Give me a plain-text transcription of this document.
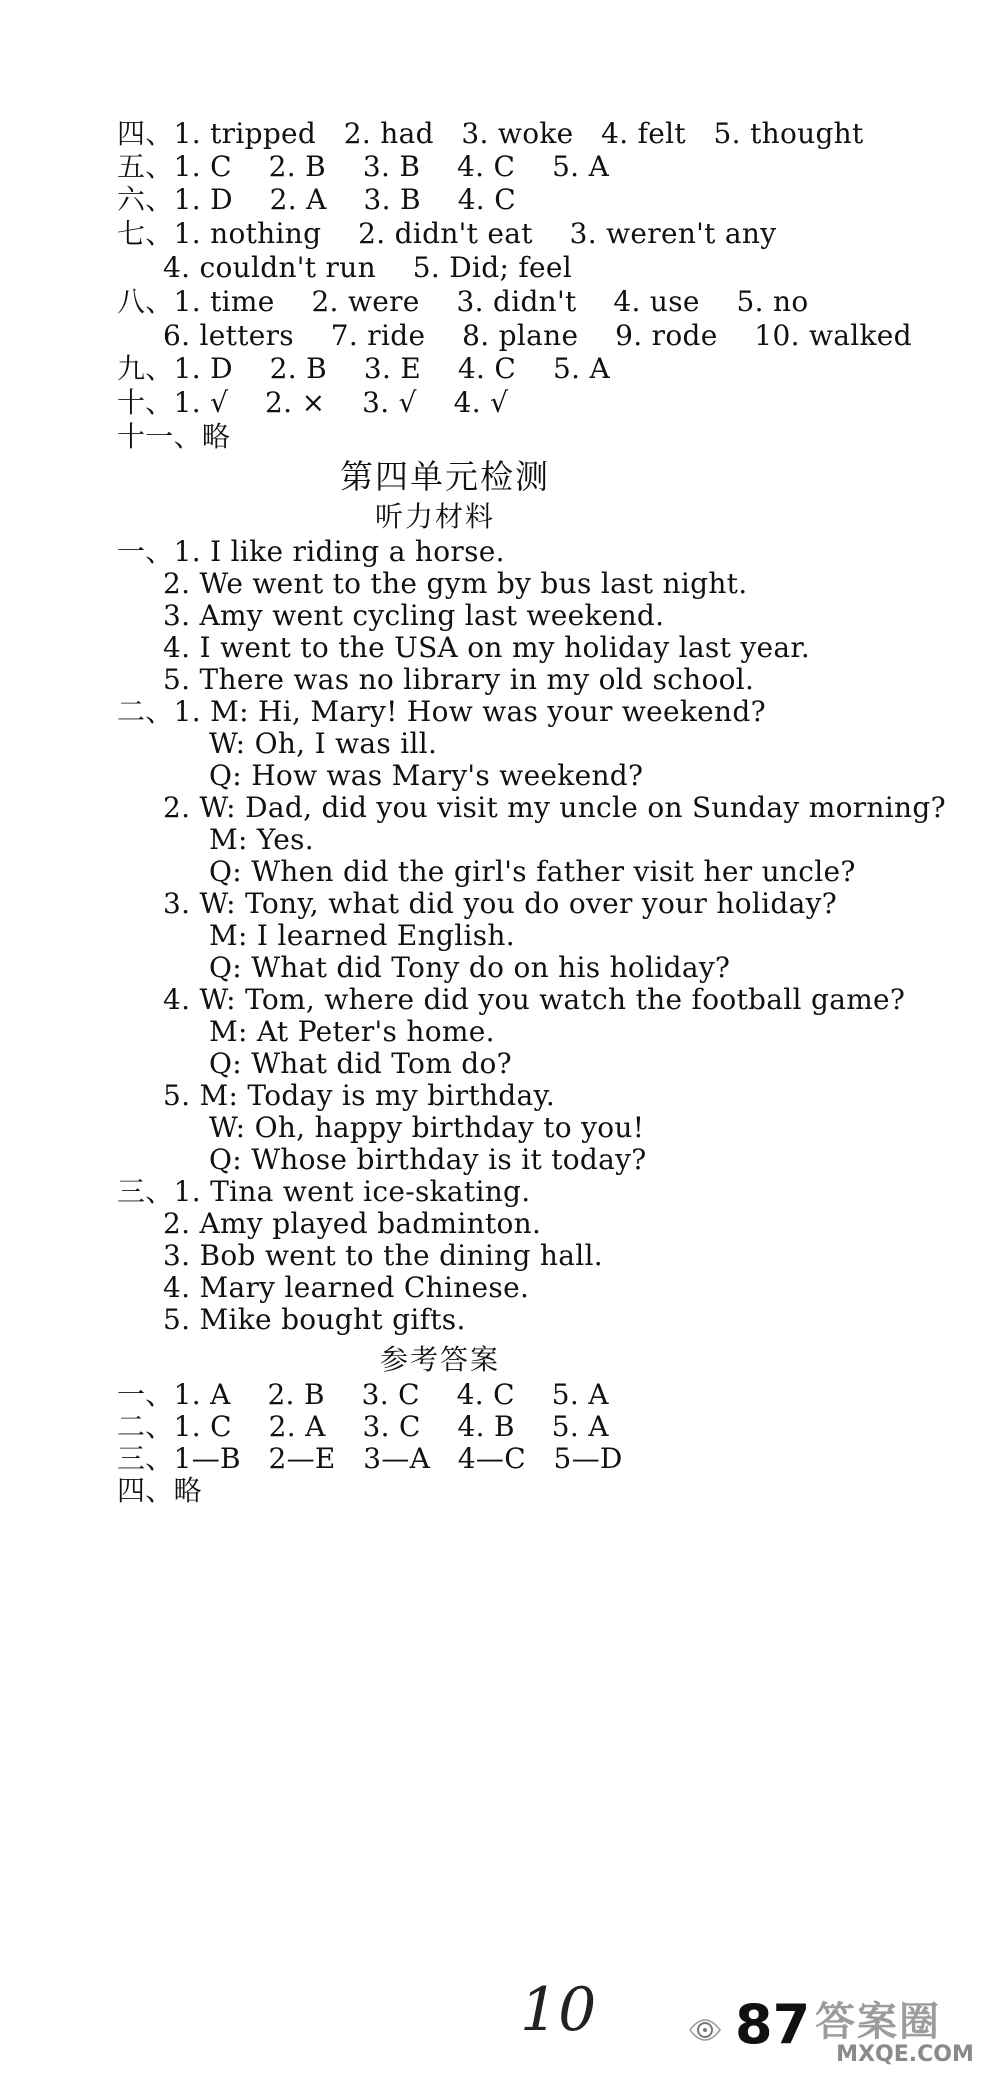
四、1. tripped   2. had   3. woke   4. felt   5. thought
五、1. C    2. B    3. B    4. C    5. A
六、1. D    2. A    3. B    4. C
七、1. nothing    2. didn't eat    3. weren't any
4. couldn't run    5. Did; feel
八、1. time    2. were    3. didn't    4. use    5. no
6. letters    7. ride    8. plane    9. rode    10. walked
九、1. D    2. B    3. E    4. C    5. A
十、1. √    2. ×    3. √    4. √
十一、略
第四单元检测
听力材料
一、1. I like riding a horse.
2. We went to the gym by bus last night.
3. Amy went cycling last weekend.
4. I went to the USA on my holiday last year.
5. There was no library in my old school.
二、1. M: Hi, Mary! How was your weekend?
W: Oh, I was ill.
Q: How was Mary's weekend?
2. W: Dad, did you visit my uncle on Sunday morning?
M: Yes.
Q: When did the girl's father visit her uncle?
3. W: Tony, what did you do over your holiday?
M: I learned English.
Q: What did Tony do on his holiday?
4. W: Tom, where did you watch the football game?
M: At Peter's home.
Q: What did Tom do?
5. M: Today is my birthday.
W: Oh, happy birthday to you!
Q: Whose birthday is it today?
三、1. Tina went ice-skating.
2. Amy played badminton.
3. Bob went to the dining hall.
4. Mary learned Chinese.
5. Mike bought gifts.
参考答案
一、1. A    2. B    3. C    4. C    5. A
二、1. C    2. A    3. C    4. B    5. A
三、1—B   2—E   3—A   4—C   5—D
四、略
10	87 答案圈
MXQE.COM
